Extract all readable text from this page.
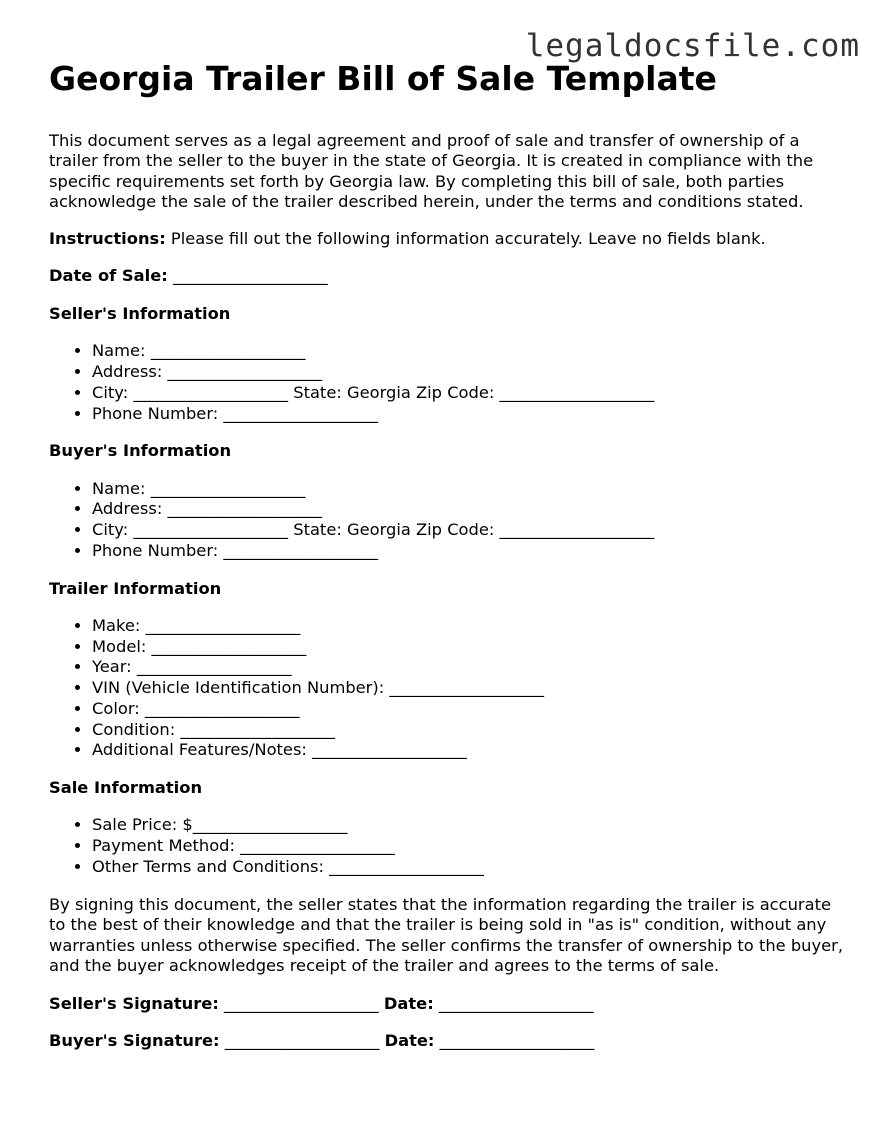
legaldocsfile.com
Georgia Trailer Bill of Sale Template

This document serves as a legal agreement and proof of sale and transfer of ownership of a trailer from the seller to the buyer in the state of Georgia. It is created in compliance with the specific requirements set forth by Georgia law. By completing this bill of sale, both parties acknowledge the sale of the trailer described herein, under the terms and conditions stated.

Instructions: Please fill out the following information accurately. Leave no fields blank.

Date of Sale: ___________________

Seller's Information
• Name: ___________________
• Address: ___________________
• City: ___________________ State: Georgia Zip Code: ___________________
• Phone Number: ___________________
Buyer's Information
• Name: ___________________
• Address: ___________________
• City: ___________________ State: Georgia Zip Code: ___________________
• Phone Number: ___________________
Trailer Information
• Make: ___________________
• Model: ___________________
• Year: ___________________
• VIN (Vehicle Identification Number): ___________________
• Color: ___________________
• Condition: ___________________
• Additional Features/Notes: ___________________
Sale Information
• Sale Price: $___________________
• Payment Method: ___________________
• Other Terms and Conditions: ___________________

By signing this document, the seller states that the information regarding the trailer is accurate to the best of their knowledge and that the trailer is being sold in "as is" condition, without any warranties unless otherwise specified. The seller confirms the transfer of ownership to the buyer, and the buyer acknowledges receipt of the trailer and agrees to the terms of sale.

Seller's Signature: ___________________ Date: ___________________

Buyer's Signature: ___________________ Date: ___________________
